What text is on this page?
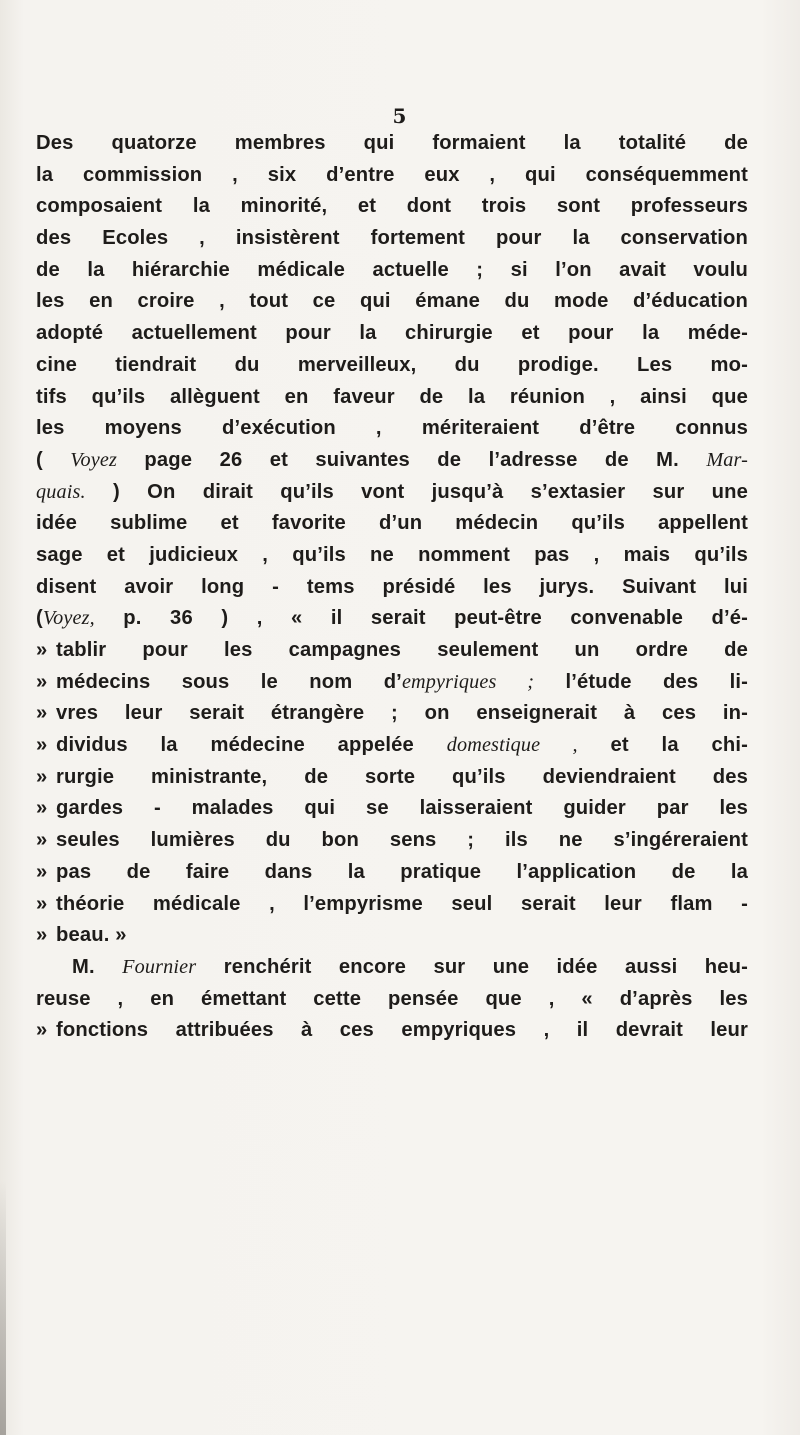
5
Des quatorze membres qui formaient la totalité de
la commission , six d’entre eux , qui conséquemment
composaient la minorité, et dont trois sont professeurs
des Ecoles , insistèrent fortement pour la conservation
de la hiérarchie médicale actuelle ; si l’on avait voulu
les en croire , tout ce qui émane du mode d’éducation
adopté actuellement pour la chirurgie et pour la méde-
cine tiendrait du merveilleux, du prodige. Les mo-
tifs qu’ils allèguent en faveur de la réunion , ainsi que
les moyens d’exécution , mériteraient d’être connus
( Voyez page 26 et suivantes de l’adresse de M. Mar-
quais. ) On dirait qu’ils vont jusqu’à s’extasier sur une
idée sublime et favorite d’un médecin qu’ils appellent
sage et judicieux , qu’ils ne nomment pas , mais qu’ils
disent avoir long - tems présidé les jurys. Suivant lui
(Voyez, p. 36 ) , « il serait peut-être convenable d’é-
» tablir pour les campagnes seulement un ordre de
» médecins sous le nom d’empyriques ; l’étude des li-
» vres leur serait étrangère ; on enseignerait à ces in-
» dividus la médecine appelée domestique , et la chi-
» rurgie ministrante, de sorte qu’ils deviendraient des
» gardes - malades qui se laisseraient guider par les
» seules lumières du bon sens ; ils ne s’ingéreraient
» pas de faire dans la pratique l’application de la
» théorie médicale , l’empyrisme seul serait leur flam -
» beau. »
M. Fournier renchérit encore sur une idée aussi heu-
reuse , en émettant cette pensée que , « d’après les
» fonctions attribuées à ces empyriques , il devrait leur
